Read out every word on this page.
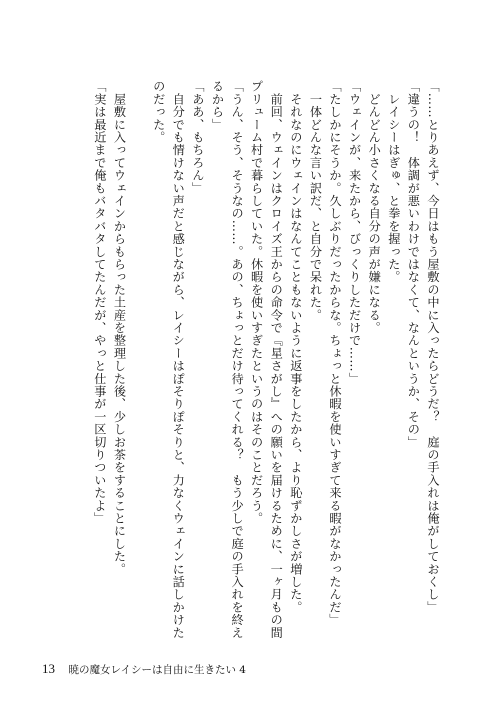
「……とりあえず、今日はもう屋敷の中に入ったらどうだ？　庭の手入れは俺がしておくし」

「違うの！　体調が悪いわけではなくて、なんというか、その」

　レイシーはぎゅ、と拳を握った。

　どんどん小さくなる自分の声が嫌になる。

「ウェインが、来たから、びっくりしただけで……」

「たしかにそうか。久しぶりだったからな。ちょっと休暇を使いすぎて来る暇がなかったんだ」

　一体どんな言い訳だ、と自分で呆れた。

　それなのにウェインはなんてこともないように返事をしたから、より恥ずかしさが増した。

　前回、ウェインはクロイズ王からの命令で『星さがし』への願いを届けるために、一ヶ月もの間

プリューム村で暮らしていた。休暇を使いすぎたというのはそのことだろう。

「うん、そう、そうなの……。あの、ちょっとだけ待ってくれる？　もう少しで庭の手入れを終え

るから」

「ああ、もちろん」

　自分でも情けない声だと感じながら、レイシーはぽそりぽそりと、力なくウェインに話しかけた

のだった。

　屋敷に入ってウェインからもらった土産を整理した後、少しお茶をすることにした。

「実は最近まで俺もバタバタしてたんだが、やっと仕事が一区切りついたよ」

13 暁の魔女レイシーは自由に生きたい 4
